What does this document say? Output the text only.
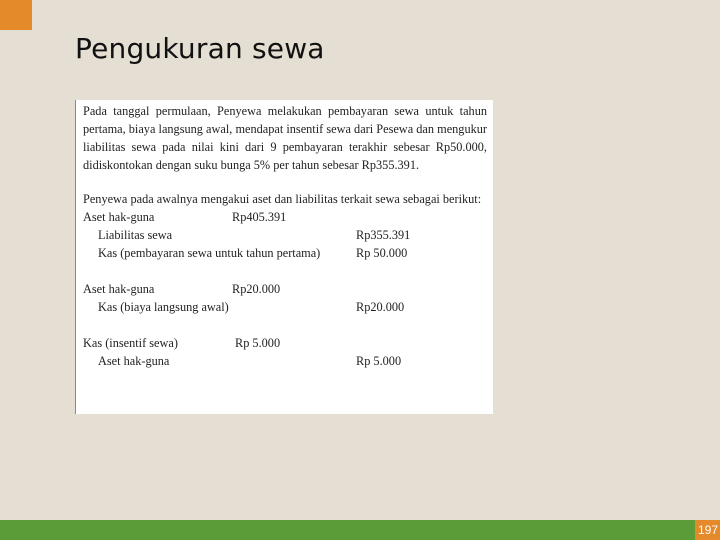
Pengukuran sewa

Pada tanggal permulaan, Penyewa melakukan pembayaran sewa untuk tahun pertama, biaya langsung awal, mendapat insentif sewa dari Pesewa dan mengukur liabilitas sewa pada nilai kini dari 9 pembayaran terakhir sebesar Rp50.000, didiskontokan dengan suku bunga 5% per tahun sebesar Rp355.391.

Penyewa pada awalnya mengakui aset dan liabilitas terkait sewa sebagai berikut:

Aset hak-guna	Rp405.391
Liabilitas sewa	Rp355.391
Kas (pembayaran sewa untuk tahun pertama)	Rp 50.000
Aset hak-guna	Rp20.000
Kas (biaya langsung awal)	Rp20.000
Kas (insentif sewa)	Rp 5.000
Aset hak-guna	Rp 5.000
197
